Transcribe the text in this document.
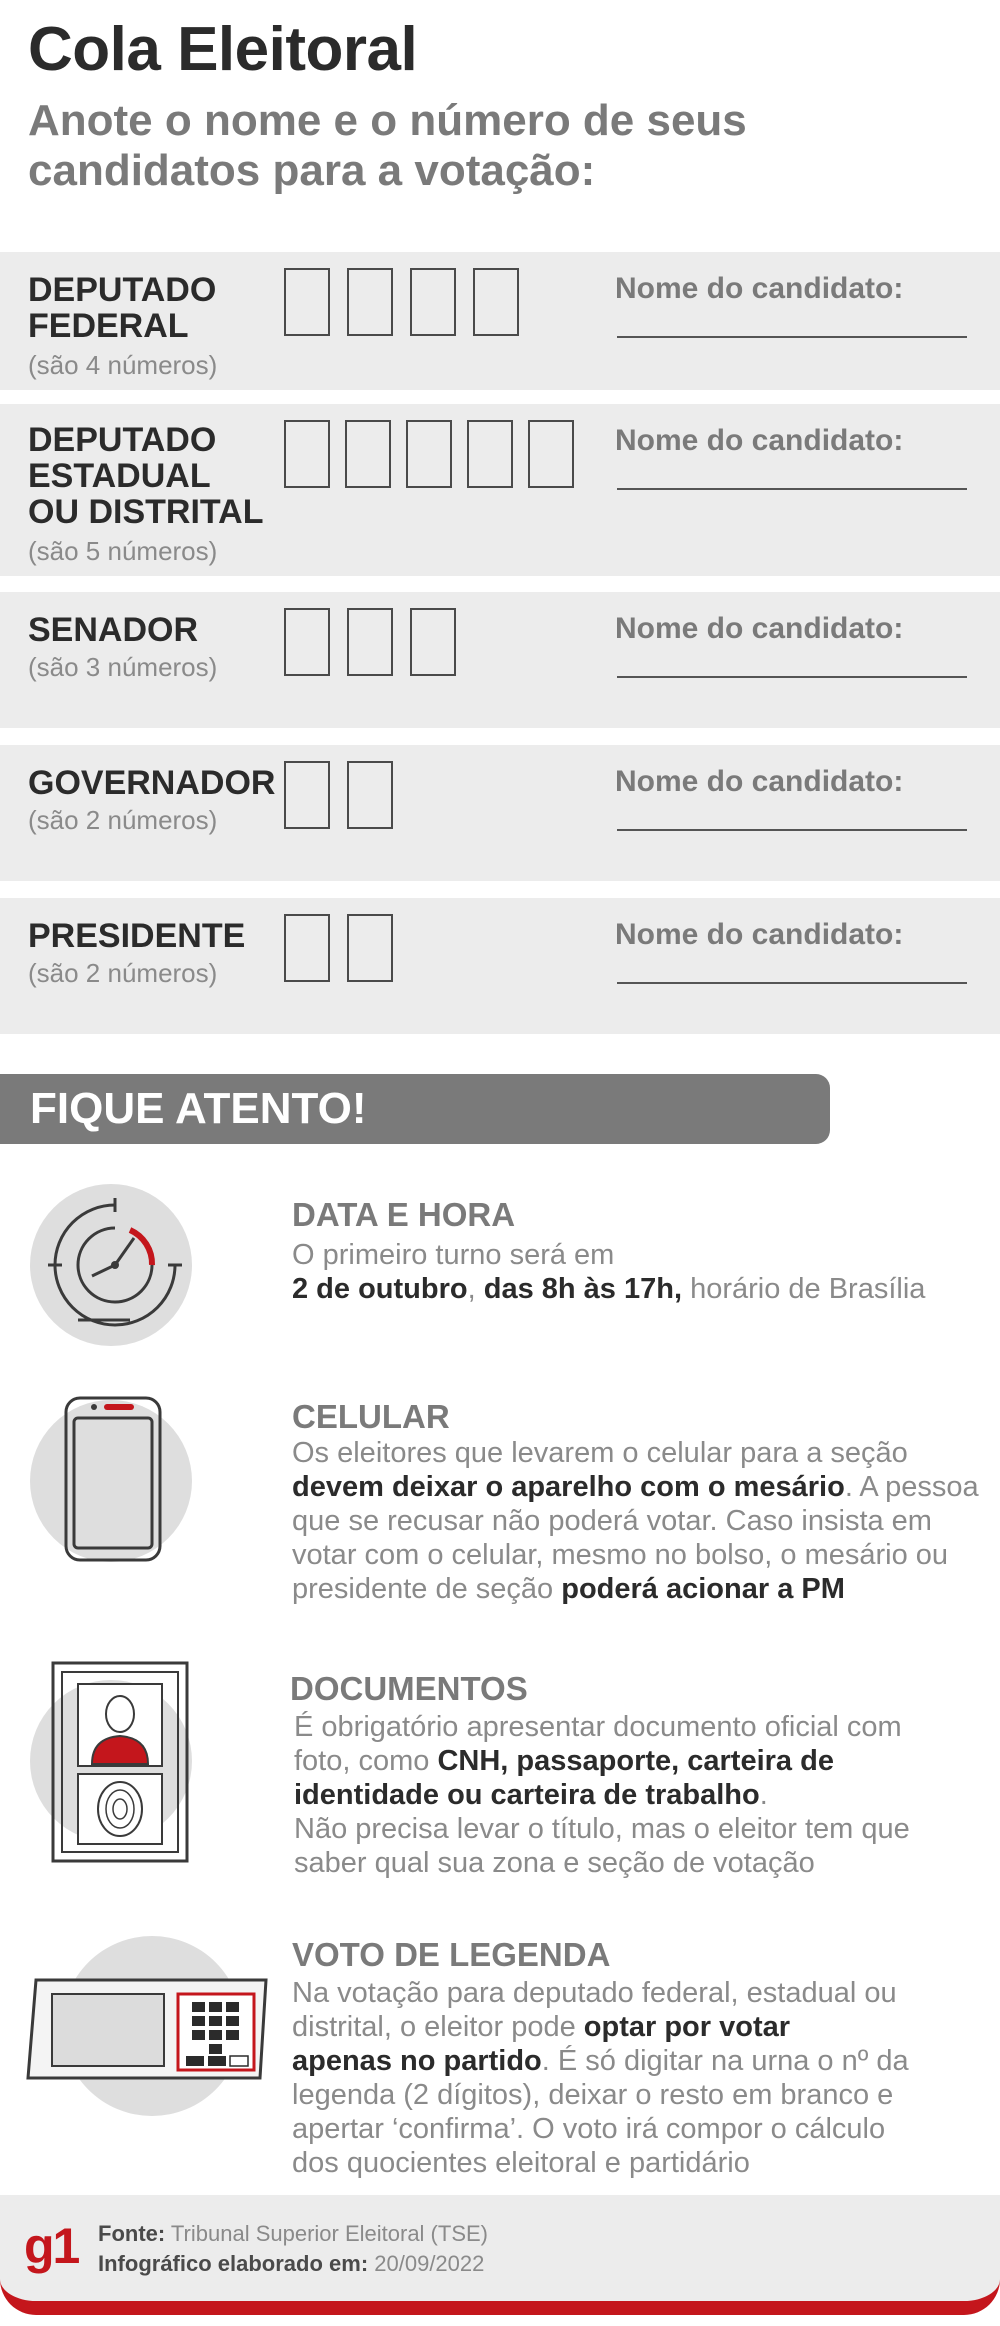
Cola Eleitoral
Anote o nome e o número de seus
candidatos para a votação:
DEPUTADO
FEDERAL
(são 4 números)
Nome do candidato:
DEPUTADO
ESTADUAL
OU DISTRITAL
(são 5 números)
Nome do candidato:
SENADOR
(são 3 números)
Nome do candidato:
GOVERNADOR
(são 2 números)
Nome do candidato:
PRESIDENTE
(são 2 números)
Nome do candidato:
FIQUE ATENTO!
DATA E HORA
O primeiro turno será em
2 de outubro, das 8h às 17h, horário de Brasília
CELULAR
Os eleitores que levarem o celular para a seção
devem deixar o aparelho com o mesário. A pessoa
que se recusar não poderá votar. Caso insista em
votar com o celular, mesmo no bolso, o mesário ou
presidente de seção poderá acionar a PM
DOCUMENTOS
É obrigatório apresentar documento oficial com
foto, como CNH, passaporte, carteira de
identidade ou carteira de trabalho.
Não precisa levar o título, mas o eleitor tem que
saber qual sua zona e seção de votação
VOTO DE LEGENDA
Na votação para deputado federal, estadual ou
distrital, o eleitor pode optar por votar
apenas no partido. É só digitar na urna o nº da
legenda (2 dígitos), deixar o resto em branco e
apertar ‘confirma’. O voto irá compor o cálculo
dos quocientes eleitoral e partidário
g1 Fonte: Tribunal Superior Eleitoral (TSE)
Infográfico elaborado em: 20/09/2022
